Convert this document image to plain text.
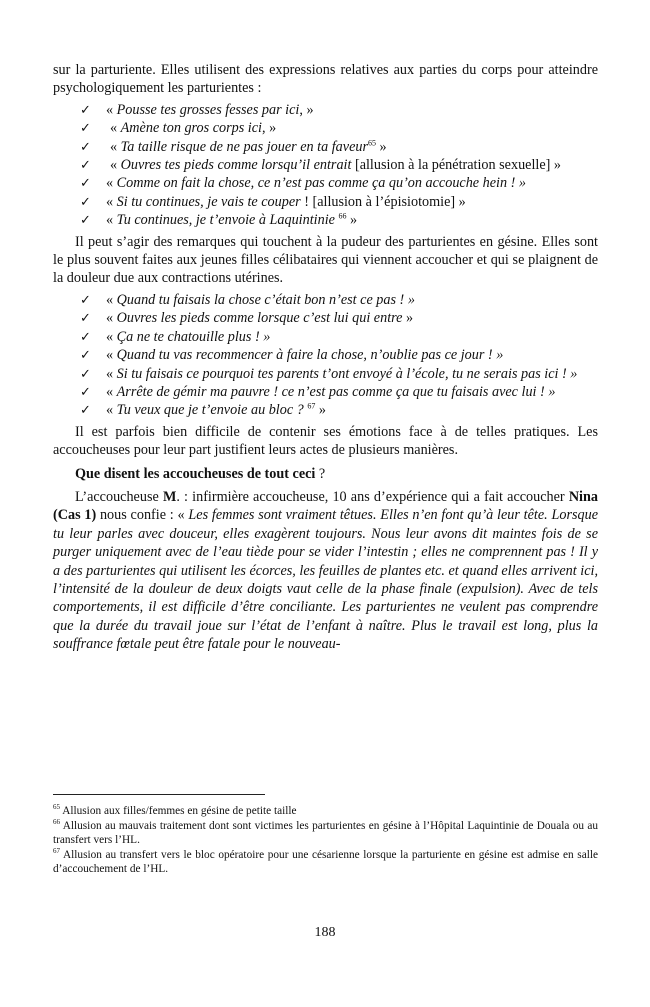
sur la parturiente. Elles utilisent des expressions relatives aux parties du corps pour atteindre psychologiquement les parturientes :

✓ « Pousse tes grosses fesses par ici, »
✓ « Amène ton gros corps ici, »
✓ « Ta taille risque de ne pas jouer en ta faveur$^{65}$ »
✓ « Ouvres tes pieds comme lorsqu’il entrait [allusion à la pénétration sexuelle] »
✓ « Comme on fait la chose, ce n’est pas comme ça qu’on accouche hein ! »
✓ « Si tu continues, je vais te couper ! [allusion à l’épisiotomie] »
✓ « Tu continues, je t’envoie à Laquintinie $^{66}$ »

Il peut s’agir des remarques qui touchent à la pudeur des parturientes en gésine. Elles sont le plus souvent faites aux jeunes filles célibataires qui viennent accoucher et qui se plaignent de la douleur due aux contractions utérines.

✓ « Quand tu faisais la chose c’était bon n’est ce pas ! »
✓ « Ouvres les pieds comme lorsque c’est lui qui entre »
✓ « Ça ne te chatouille plus ! »
✓ « Quand tu vas recommencer à faire la chose, n’oublie pas ce jour ! »
✓ « Si tu faisais ce pourquoi tes parents t’ont envoyé à l’école, tu ne serais pas ici ! »
✓ « Arrête de gémir ma pauvre ! ce n’est pas comme ça que tu faisais avec lui ! »
✓ « Tu veux que je t’envoie au bloc ? $^{67}$ »

Il est parfois bien difficile de contenir ses émotions face à de telles pratiques. Les accoucheuses pour leur part justifient leurs actes de plusieurs manières.

Que disent les accoucheuses de tout ceci ?

L’accoucheuse M. : infirmière accoucheuse, 10 ans d’expérience qui a fait accoucher Nina (Cas 1) nous confie : « Les femmes sont vraiment têtues. Elles n’en font qu’à leur tête. Lorsque tu leur parles avec douceur, elles exagèrent toujours. Nous leur avons dit maintes fois de se purger uniquement avec de l’eau tiède pour se vider l’intestin ; elles ne comprennent pas ! Il y a des parturientes qui utilisent les écorces, les feuilles de plantes etc. et quand elles arrivent ici, l’intensité de la douleur de deux doigts vaut celle de la phase finale (expulsion). Avec de tels comportements, il est difficile d’être conciliante. Les parturientes ne veulent pas comprendre que la durée du travail joue sur l’état de l’enfant à naître. Plus le travail est long, plus la souffrance fœtale peut être fatale pour le nouveau-

$^{65}$ Allusion aux filles/femmes en gésine de petite taille
$^{66}$ Allusion au mauvais traitement dont sont victimes les parturientes en gésine à l’Hôpital Laquintinie de Douala ou au transfert vers l’HL.
$^{67}$ Allusion au transfert vers le bloc opératoire pour une césarienne lorsque la parturiente en gésine est admise en salle d’accouchement de l’HL.
188
